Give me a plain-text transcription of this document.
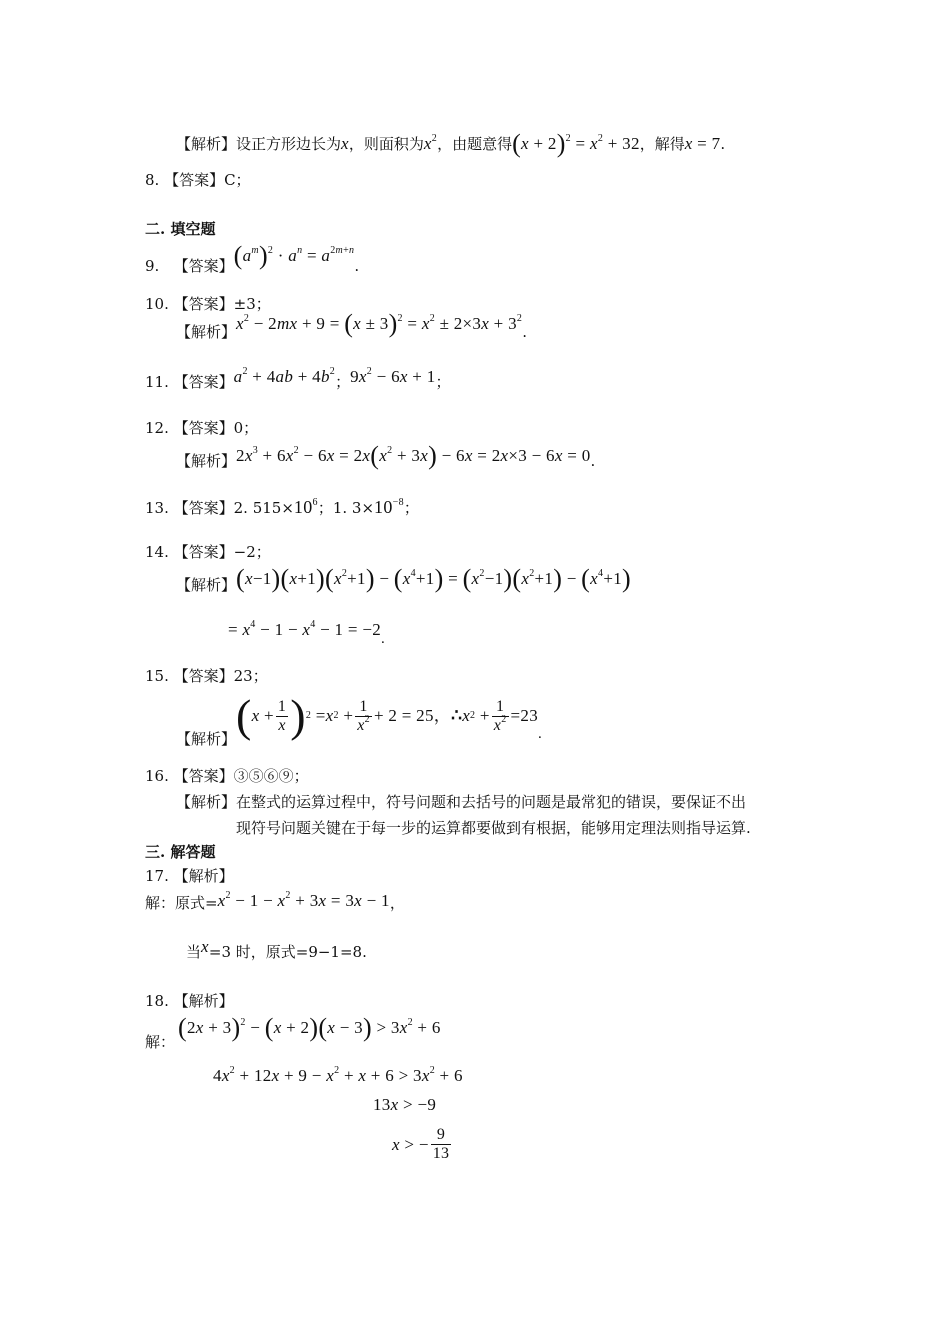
【解析】设正方形边长为x，则面积为$x^2$，由题意得$(x + 2)^2 = x^2 + 32$，解得x = 7.
8. 【答案】C；
二. 填空题
9.   【答案】$(a^m)^2 \cdot a^n = a^{2m+n}$.
10. 【答案】±3；
【解析】$x^2 - 2mx + 9 = (x \pm 3)^2 = x^2 \pm 2\times 3x + 3^2$.
11. 【答案】$a^2 + 4ab + 4b^2$；$9x^2 - 6x + 1$；
12. 【答案】0；
【解析】$2x^3 + 6x^2 - 6x = 2x(x^2 + 3x) - 6x = 2x\times 3 - 6x = 0$.
13. 【答案】2. $515\times 10^6$；1. $3\times 10^{-8}$；
14. 【答案】−2；
【解析】$(x-1)(x+1)(x^2+1) - (x^4+1) = (x^2-1)(x^2+1) - (x^4+1)$
= $x^4 - 1 - x^4 - 1 = -2$.
15. 【答案】23；
【解析】 ( $x + \frac{1}{x}$ ) 2 = x $2 + \frac{1}{x^2} + 2 = 25$， ∴ x $2 + \frac{1}{x^2} =23$
.
16. 【答案】③⑤⑥⑨；
【解析】在整式的运算过程中，符号问题和去括号的问题是最常犯的错误，要保证不出
现符号问题关键在于每一步的运算都要做到有根据，能够用定理法则指导运算.
三. 解答题
17. 【解析】
解：原式$=x^2 - 1 - x^2 + 3x = 3x - 1$，
当x=3 时，原式=9−1=8.
18. 【解析】
解： $(2x + 3)^2 - (x + 2)(x - 3) > 3x^2 + 6$
$4x^2 + 12x + 9 - x^2 + x + 6 > 3x^2 + 6$
13x > −9
x > − $\frac{9}{13}$
